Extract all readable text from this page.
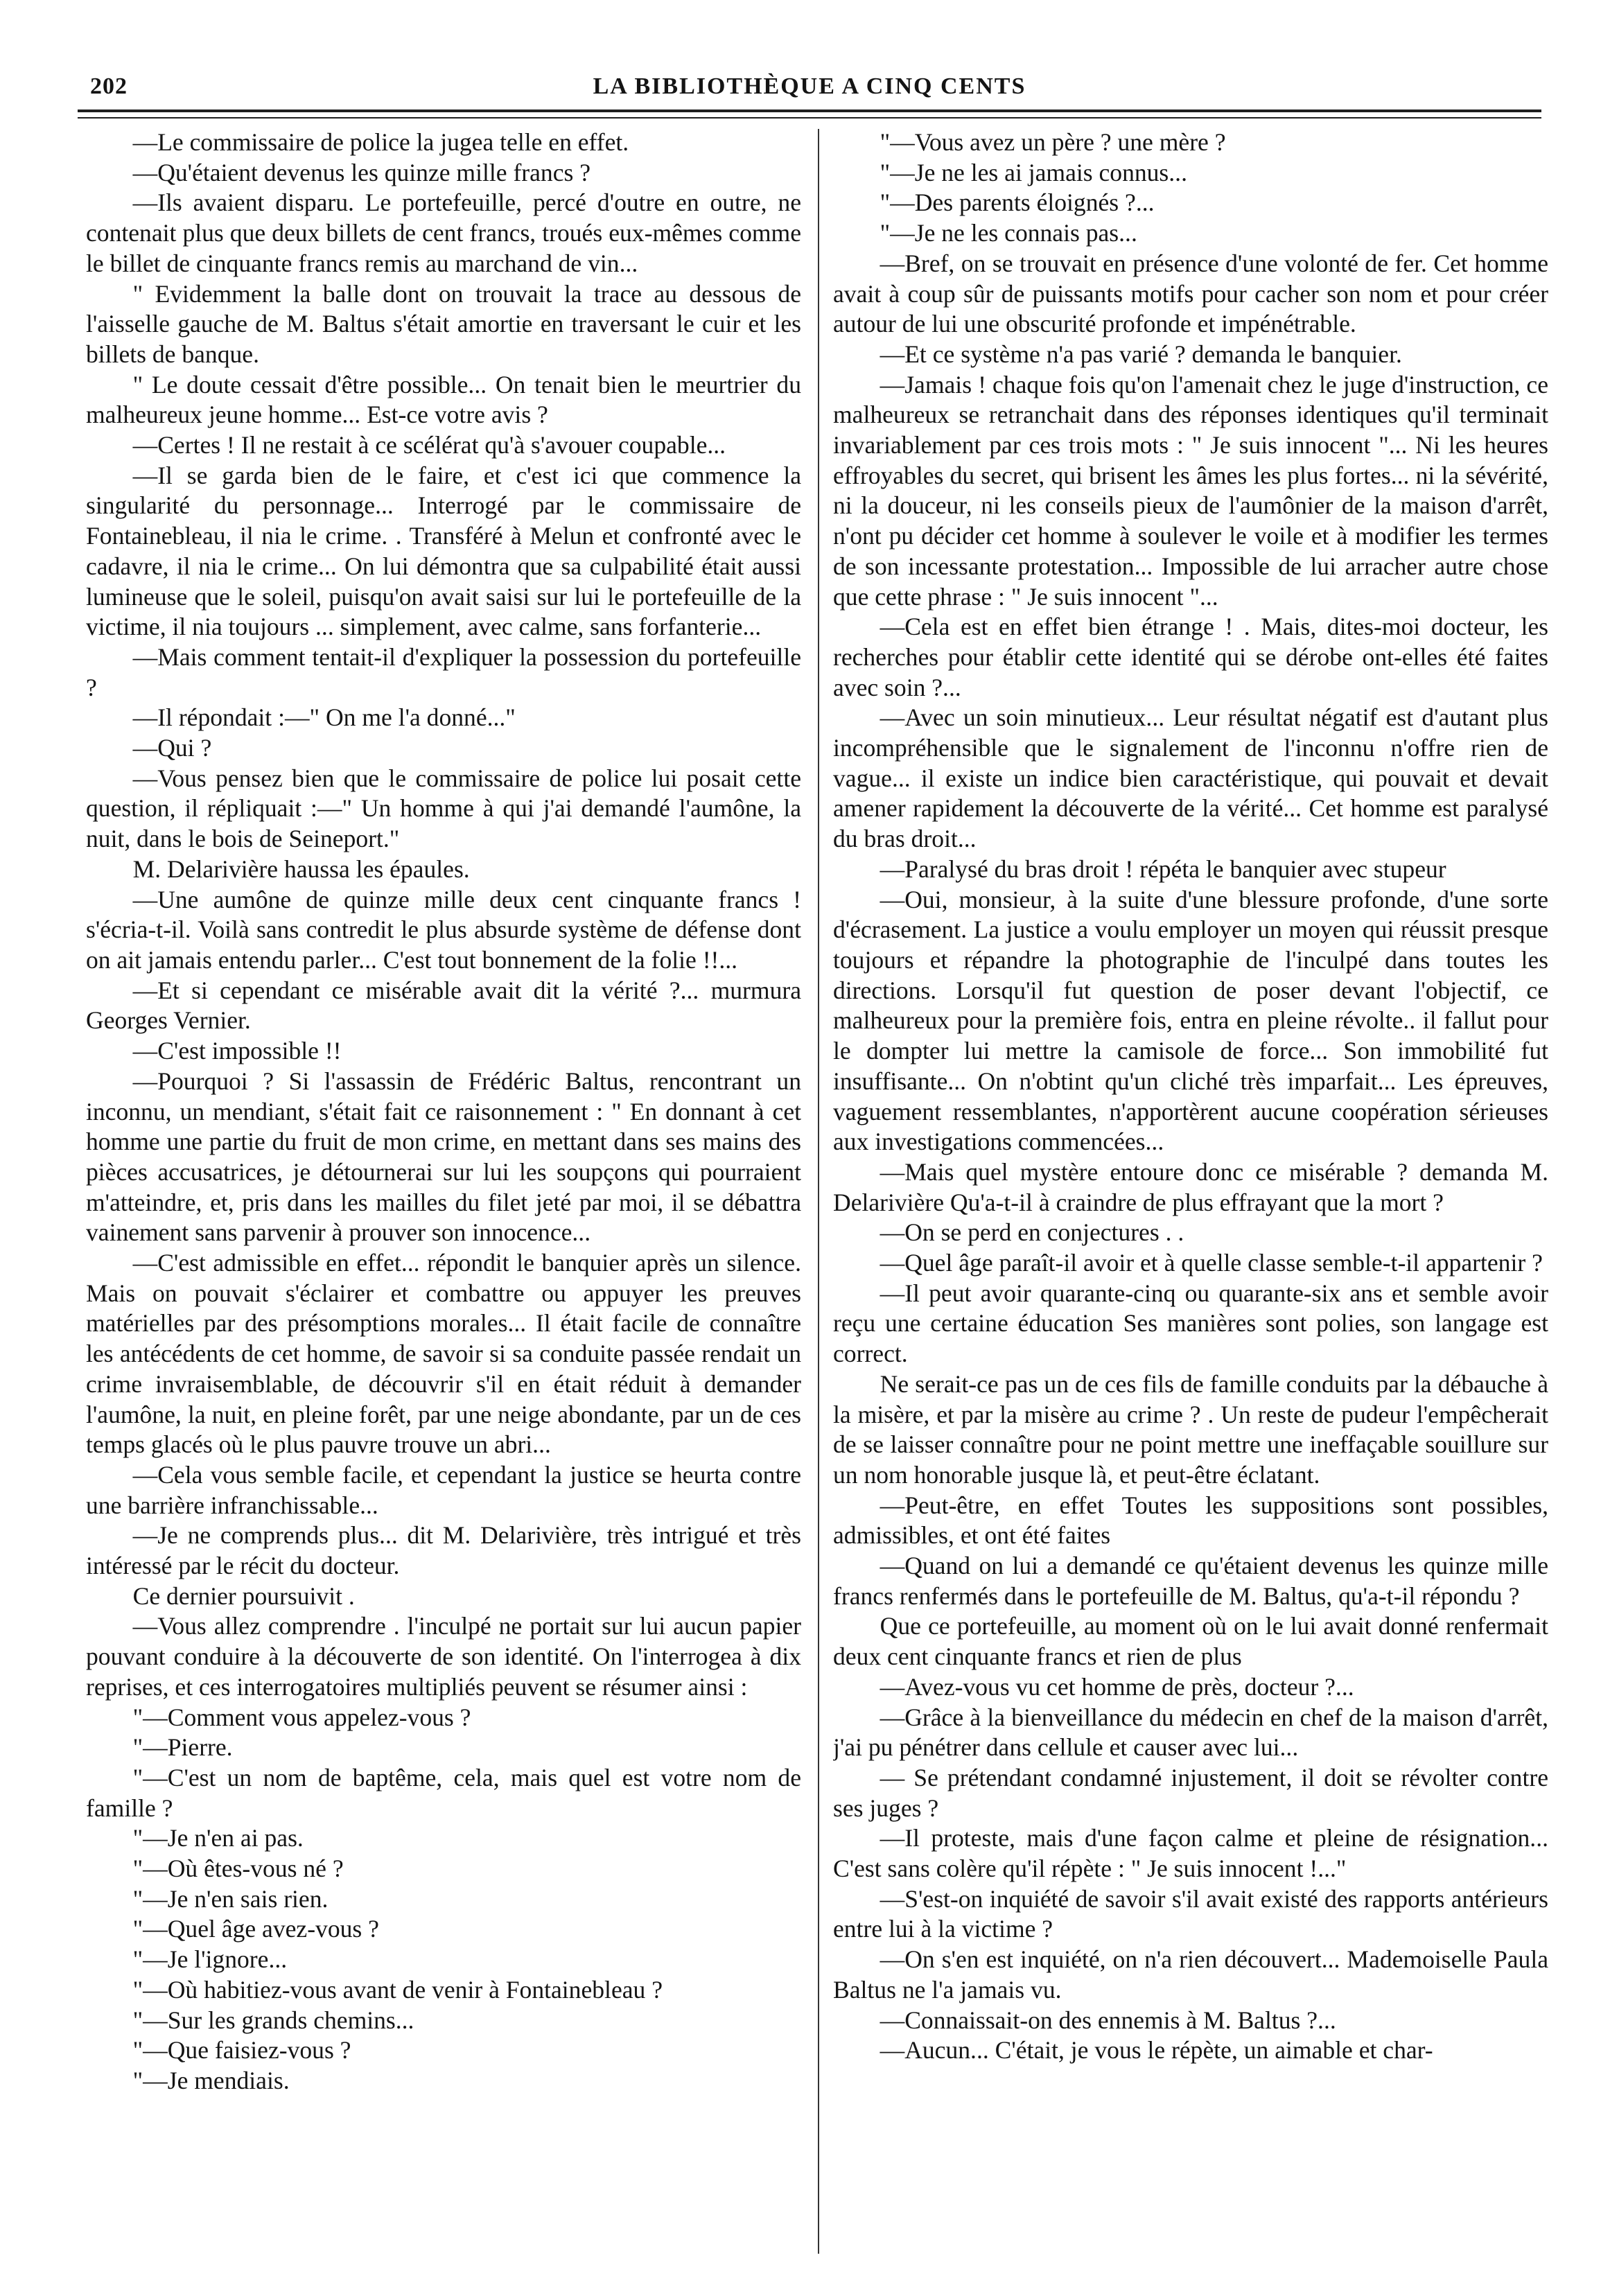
202	LA BIBLIOTHÈQUE A CINQ CENTS

—Le commissaire de police la jugea telle en effet.

—Qu'étaient devenus les quinze mille francs ?

—Ils avaient disparu. Le portefeuille, percé d'outre en outre, ne contenait plus que deux billets de cent francs, troués eux-mêmes comme le billet de cinquante francs remis au marchand de vin...

" Evidemment la balle dont on trouvait la trace au dessous de l'aisselle gauche de M. Baltus s'était amortie en traversant le cuir et les billets de banque.

" Le doute cessait d'être possible... On tenait bien le meurtrier du malheureux jeune homme... Est-ce votre avis ?

—Certes ! Il ne restait à ce scélérat qu'à s'avouer coupable...

—Il se garda bien de le faire, et c'est ici que commence la singularité du personnage... Interrogé par le commissaire de Fontainebleau, il nia le crime. . Transféré à Melun et confronté avec le cadavre, il nia le crime... On lui démontra que sa culpabilité était aussi lumineuse que le soleil, puisqu'on avait saisi sur lui le portefeuille de la victime, il nia toujours ... simplement, avec calme, sans forfanterie...

—Mais comment tentait-il d'expliquer la possession du portefeuille ?

—Il répondait :—" On me l'a donné..."

—Qui ?

—Vous pensez bien que le commissaire de police lui posait cette question, il répliquait :—" Un homme à qui j'ai demandé l'aumône, la nuit, dans le bois de Seineport."

M. Delarivière haussa les épaules.

—Une aumône de quinze mille deux cent cinquante francs ! s'écria-t-il. Voilà sans contredit le plus absurde système de défense dont on ait jamais entendu parler... C'est tout bonnement de la folie !!...

—Et si cependant ce misérable avait dit la vérité ?... murmura Georges Vernier.

—C'est impossible !!

—Pourquoi ? Si l'assassin de Frédéric Baltus, rencontrant un inconnu, un mendiant, s'était fait ce raisonnement : " En donnant à cet homme une partie du fruit de mon crime, en mettant dans ses mains des pièces accusatrices, je détournerai sur lui les soupçons qui pourraient m'atteindre, et, pris dans les mailles du filet jeté par moi, il se débattra vainement sans parvenir à prouver son innocence...

—C'est admissible en effet... répondit le banquier après un silence. Mais on pouvait s'éclairer et combattre ou appuyer les preuves matérielles par des présomptions morales... Il était facile de connaître les antécédents de cet homme, de savoir si sa conduite passée rendait un crime invraisemblable, de découvrir s'il en était réduit à demander l'aumône, la nuit, en pleine forêt, par une neige abondante, par un de ces temps glacés où le plus pauvre trouve un abri...

—Cela vous semble facile, et cependant la justice se heurta contre une barrière infranchissable...

—Je ne comprends plus... dit M. Delarivière, très intrigué et très intéressé par le récit du docteur.

Ce dernier poursuivit .

—Vous allez comprendre . l'inculpé ne portait sur lui aucun papier pouvant conduire à la découverte de son identité. On l'interrogea à dix reprises, et ces interrogatoires multipliés peuvent se résumer ainsi :

"—Comment vous appelez-vous ?

"—Pierre.

"—C'est un nom de baptême, cela, mais quel est votre nom de famille ?

"—Je n'en ai pas.

"—Où êtes-vous né ?

"—Je n'en sais rien.

"—Quel âge avez-vous ?

"—Je l'ignore...

"—Où habitiez-vous avant de venir à Fontainebleau ?

"—Sur les grands chemins...

"—Que faisiez-vous ?

"—Je mendiais.

"—Vous avez un père ? une mère ?

"—Je ne les ai jamais connus...

"—Des parents éloignés ?...

"—Je ne les connais pas...

—Bref, on se trouvait en présence d'une volonté de fer. Cet homme avait à coup sûr de puissants motifs pour cacher son nom et pour créer autour de lui une obscurité profonde et impénétrable.

—Et ce système n'a pas varié ? demanda le banquier.

—Jamais ! chaque fois qu'on l'amenait chez le juge d'instruction, ce malheureux se retranchait dans des réponses identiques qu'il terminait invariablement par ces trois mots : " Je suis innocent "... Ni les heures effroyables du secret, qui brisent les âmes les plus fortes... ni la sévérité, ni la douceur, ni les conseils pieux de l'aumônier de la maison d'arrêt, n'ont pu décider cet homme à soulever le voile et à modifier les termes de son incessante protestation... Impossible de lui arracher autre chose que cette phrase : " Je suis innocent "...

—Cela est en effet bien étrange ! . Mais, dites-moi docteur, les recherches pour établir cette identité qui se dérobe ont-elles été faites avec soin ?...

—Avec un soin minutieux... Leur résultat négatif est d'autant plus incompréhensible que le signalement de l'inconnu n'offre rien de vague... il existe un indice bien caractéristique, qui pouvait et devait amener rapidement la découverte de la vérité... Cet homme est paralysé du bras droit...

—Paralysé du bras droit ! répéta le banquier avec stupeur

—Oui, monsieur, à la suite d'une blessure profonde, d'une sorte d'écrasement. La justice a voulu employer un moyen qui réussit presque toujours et répandre la photographie de l'inculpé dans toutes les directions. Lorsqu'il fut question de poser devant l'objectif, ce malheureux pour la première fois, entra en pleine révolte.. il fallut pour le dompter lui mettre la camisole de force... Son immobilité fut insuffisante... On n'obtint qu'un cliché très imparfait... Les épreuves, vaguement ressemblantes, n'apportèrent aucune coopération sérieuses aux investigations commencées...

—Mais quel mystère entoure donc ce misérable ? demanda M. Delarivière Qu'a-t-il à craindre de plus effrayant que la mort ?

—On se perd en conjectures . .

—Quel âge paraît-il avoir et à quelle classe semble-t-il appartenir ?

—Il peut avoir quarante-cinq ou quarante-six ans et semble avoir reçu une certaine éducation Ses manières sont polies, son langage est correct.

Ne serait-ce pas un de ces fils de famille conduits par la débauche à la misère, et par la misère au crime ? . Un reste de pudeur l'empêcherait de se laisser connaître pour ne point mettre une ineffaçable souillure sur un nom honorable jusque là, et peut-être éclatant.

—Peut-être, en effet Toutes les suppositions sont possibles, admissibles, et ont été faites

—Quand on lui a demandé ce qu'étaient devenus les quinze mille francs renfermés dans le portefeuille de M. Baltus, qu'a-t-il répondu ?

Que ce portefeuille, au moment où on le lui avait donné renfermait deux cent cinquante francs et rien de plus

—Avez-vous vu cet homme de près, docteur ?...

—Grâce à la bienveillance du médecin en chef de la maison d'arrêt, j'ai pu pénétrer dans cellule et causer avec lui...

— Se prétendant condamné injustement, il doit se révolter contre ses juges ?

—Il proteste, mais d'une façon calme et pleine de résignation... C'est sans colère qu'il répète : " Je suis innocent !..."

—S'est-on inquiété de savoir s'il avait existé des rapports antérieurs entre lui à la victime ?

—On s'en est inquiété, on n'a rien découvert... Mademoiselle Paula Baltus ne l'a jamais vu.

—Connaissait-on des ennemis à M. Baltus ?...

—Aucun... C'était, je vous le répète, un aimable et char-
